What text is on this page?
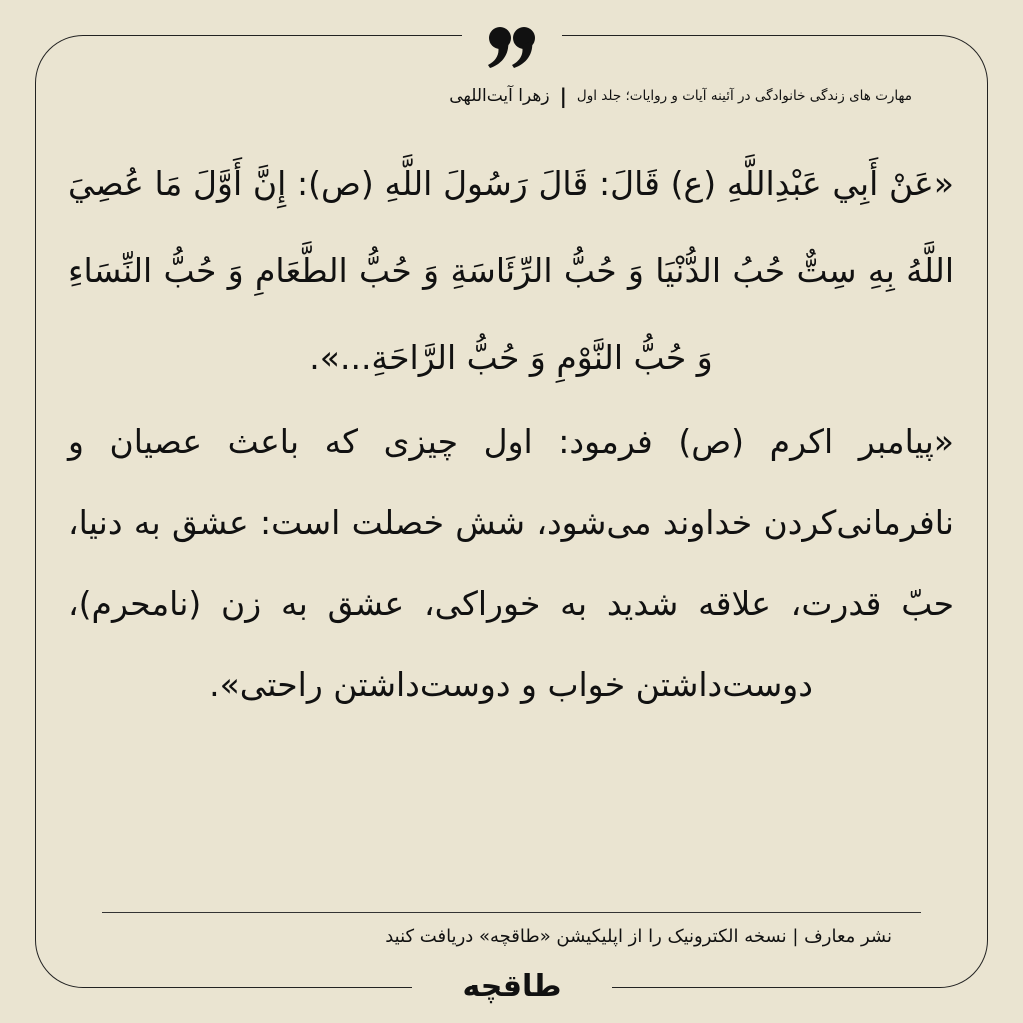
مهارت های زندگی خانوادگی در آئینه آیات و روایات؛ جلد اول
|
زهرا آیت‌اللهی

«عَنْ أَبِي عَبْدِاللَّهِ (ع) قَالَ: قَالَ رَسُولَ اللَّهِ (ص): إِنَّ أَوَّلَ مَا عُصِيَ اللَّهُ بِهِ سِتٌّ حُبُ الدُّنْيَا وَ حُبُّ الرِّئَاسَةِ وَ حُبُّ الطَّعَامِ وَ حُبُّ النِّسَاءِ وَ حُبُّ النَّوْمِ وَ حُبُّ الرَّاحَةِ...».

«پیامبر اکرم (ص) فرمود: اول چیزی که باعث عصیان و نافرمانی‌کردن خداوند می‌شود، شش خصلت است: عشق به دنیا، حبّ قدرت، علاقه شدید به خوراکی، عشق به زن (نامحرم)، دوست‌داشتن خواب و دوست‌داشتن راحتی».

نشر معارف | نسخه الکترونیک را از اپلیکیشن «طاقچه» دریافت کنید
طاقچه
